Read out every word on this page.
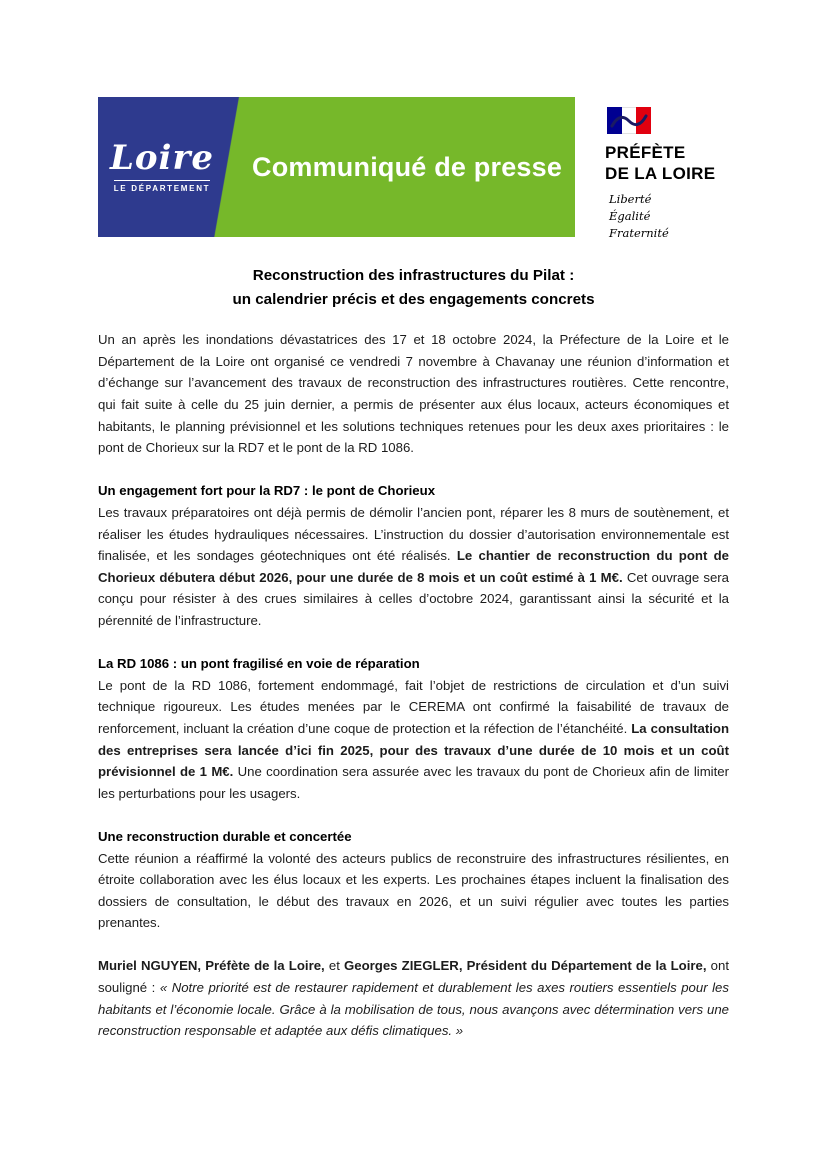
Loire
LE DÉPARTEMENT
Communiqué de presse	PRÉFÈTE
DE LA LOIRE
Liberté
Égalité
Fraternité
Reconstruction des infrastructures du Pilat :
un calendrier précis et des engagements concrets

Un an après les inondations dévastatrices des 17 et 18 octobre 2024, la Préfecture de la Loire et le Département de la Loire ont organisé ce vendredi 7 novembre à Chavanay une réunion d’information et d’échange sur l’avancement des travaux de reconstruction des infrastructures routières. Cette rencontre, qui fait suite à celle du 25 juin dernier, a permis de présenter aux élus locaux, acteurs économiques et habitants, le planning prévisionnel et les solutions techniques retenues pour les deux axes prioritaires : le pont de Chorieux sur la RD7 et le pont de la RD 1086.

Un engagement fort pour la RD7 : le pont de Chorieux

Les travaux préparatoires ont déjà permis de démolir l’ancien pont, réparer les 8 murs de soutènement, et réaliser les études hydrauliques nécessaires. L’instruction du dossier d’autorisation environnementale est finalisée, et les sondages géotechniques ont été réalisés. Le chantier de reconstruction du pont de Chorieux débutera début 2026, pour une durée de 8 mois et un coût estimé à 1 M€. Cet ouvrage sera conçu pour résister à des crues similaires à celles d’octobre 2024, garantissant ainsi la sécurité et la pérennité de l’infrastructure.

La RD 1086 : un pont fragilisé en voie de réparation

Le pont de la RD 1086, fortement endommagé, fait l’objet de restrictions de circulation et d’un suivi technique rigoureux. Les études menées par le CEREMA ont confirmé la faisabilité de travaux de renforcement, incluant la création d’une coque de protection et la réfection de l’étanchéité. La consultation des entreprises sera lancée d’ici fin 2025, pour des travaux d’une durée de 10 mois et un coût prévisionnel de 1 M€. Une coordination sera assurée avec les travaux du pont de Chorieux afin de limiter les perturbations pour les usagers.

Une reconstruction durable et concertée

Cette réunion a réaffirmé la volonté des acteurs publics de reconstruire des infrastructures résilientes, en étroite collaboration avec les élus locaux et les experts. Les prochaines étapes incluent la finalisation des dossiers de consultation, le début des travaux en 2026, et un suivi régulier avec toutes les parties prenantes.

Muriel NGUYEN, Préfète de la Loire, et Georges ZIEGLER, Président du Département de la Loire, ont souligné : « Notre priorité est de restaurer rapidement et durablement les axes routiers essentiels pour les habitants et l’économie locale. Grâce à la mobilisation de tous, nous avançons avec détermination vers une reconstruction responsable et adaptée aux défis climatiques. »
